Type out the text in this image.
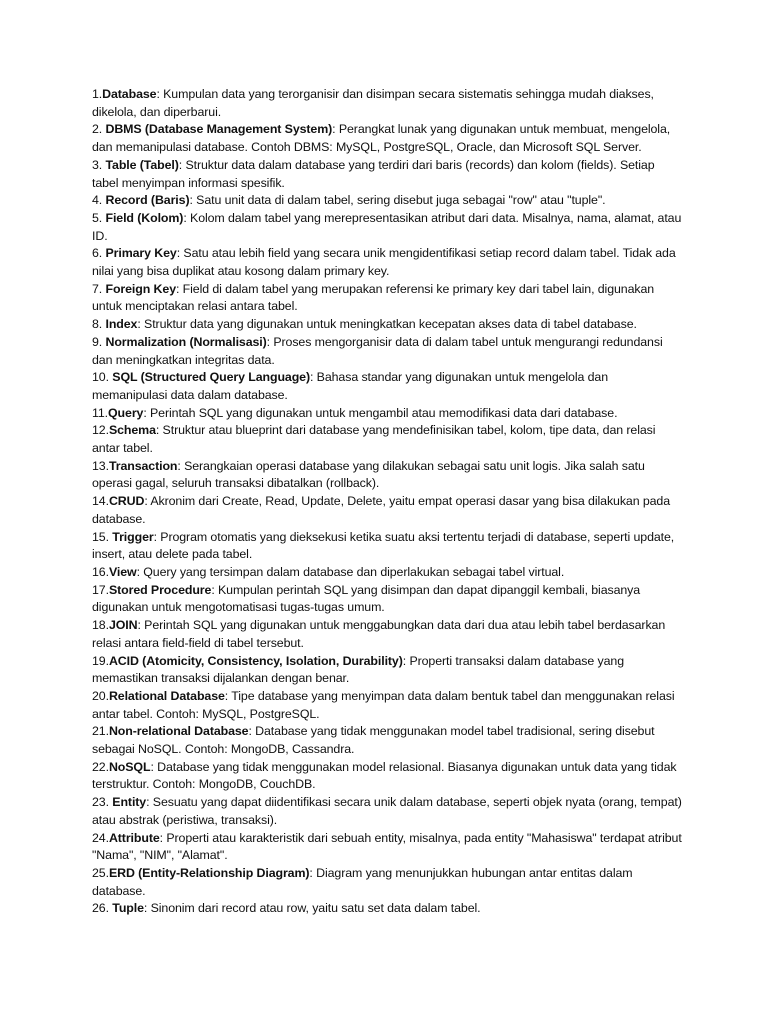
1.Database: Kumpulan data yang terorganisir dan disimpan secara sistematis sehingga mudah diakses, dikelola, dan diperbarui.

2. DBMS (Database Management System): Perangkat lunak yang digunakan untuk membuat, mengelola, dan memanipulasi database. Contoh DBMS: MySQL, PostgreSQL, Oracle, dan Microsoft SQL Server.

3. Table (Tabel): Struktur data dalam database yang terdiri dari baris (records) dan kolom (fields). Setiap tabel menyimpan informasi spesifik.

4. Record (Baris): Satu unit data di dalam tabel, sering disebut juga sebagai "row" atau "tuple".

5. Field (Kolom): Kolom dalam tabel yang merepresentasikan atribut dari data. Misalnya, nama, alamat, atau ID.

6. Primary Key: Satu atau lebih field yang secara unik mengidentifikasi setiap record dalam tabel. Tidak ada nilai yang bisa duplikat atau kosong dalam primary key.

7. Foreign Key: Field di dalam tabel yang merupakan referensi ke primary key dari tabel lain, digunakan untuk menciptakan relasi antara tabel.

8. Index: Struktur data yang digunakan untuk meningkatkan kecepatan akses data di tabel database.

9. Normalization (Normalisasi): Proses mengorganisir data di dalam tabel untuk mengurangi redundansi dan meningkatkan integritas data.

10. SQL (Structured Query Language): Bahasa standar yang digunakan untuk mengelola dan memanipulasi data dalam database.

11.Query: Perintah SQL yang digunakan untuk mengambil atau memodifikasi data dari database.

12.Schema: Struktur atau blueprint dari database yang mendefinisikan tabel, kolom, tipe data, dan relasi antar tabel.

13.Transaction: Serangkaian operasi database yang dilakukan sebagai satu unit logis. Jika salah satu operasi gagal, seluruh transaksi dibatalkan (rollback).

14.CRUD: Akronim dari Create, Read, Update, Delete, yaitu empat operasi dasar yang bisa dilakukan pada database.

15. Trigger: Program otomatis yang dieksekusi ketika suatu aksi tertentu terjadi di database, seperti update, insert, atau delete pada tabel.

16.View: Query yang tersimpan dalam database dan diperlakukan sebagai tabel virtual.

17.Stored Procedure: Kumpulan perintah SQL yang disimpan dan dapat dipanggil kembali, biasanya digunakan untuk mengotomatisasi tugas-tugas umum.

18.JOIN: Perintah SQL yang digunakan untuk menggabungkan data dari dua atau lebih tabel berdasarkan relasi antara field-field di tabel tersebut.

19.ACID (Atomicity, Consistency, Isolation, Durability): Properti transaksi dalam database yang memastikan transaksi dijalankan dengan benar.

20.Relational Database: Tipe database yang menyimpan data dalam bentuk tabel dan menggunakan relasi antar tabel. Contoh: MySQL, PostgreSQL.

21.Non-relational Database: Database yang tidak menggunakan model tabel tradisional, sering disebut sebagai NoSQL. Contoh: MongoDB, Cassandra.

22.NoSQL: Database yang tidak menggunakan model relasional. Biasanya digunakan untuk data yang tidak terstruktur. Contoh: MongoDB, CouchDB.

23. Entity: Sesuatu yang dapat diidentifikasi secara unik dalam database, seperti objek nyata (orang, tempat) atau abstrak (peristiwa, transaksi).

24.Attribute: Properti atau karakteristik dari sebuah entity, misalnya, pada entity "Mahasiswa" terdapat atribut "Nama", "NIM", "Alamat".

25.ERD (Entity-Relationship Diagram): Diagram yang menunjukkan hubungan antar entitas dalam database.

26. Tuple: Sinonim dari record atau row, yaitu satu set data dalam tabel.
